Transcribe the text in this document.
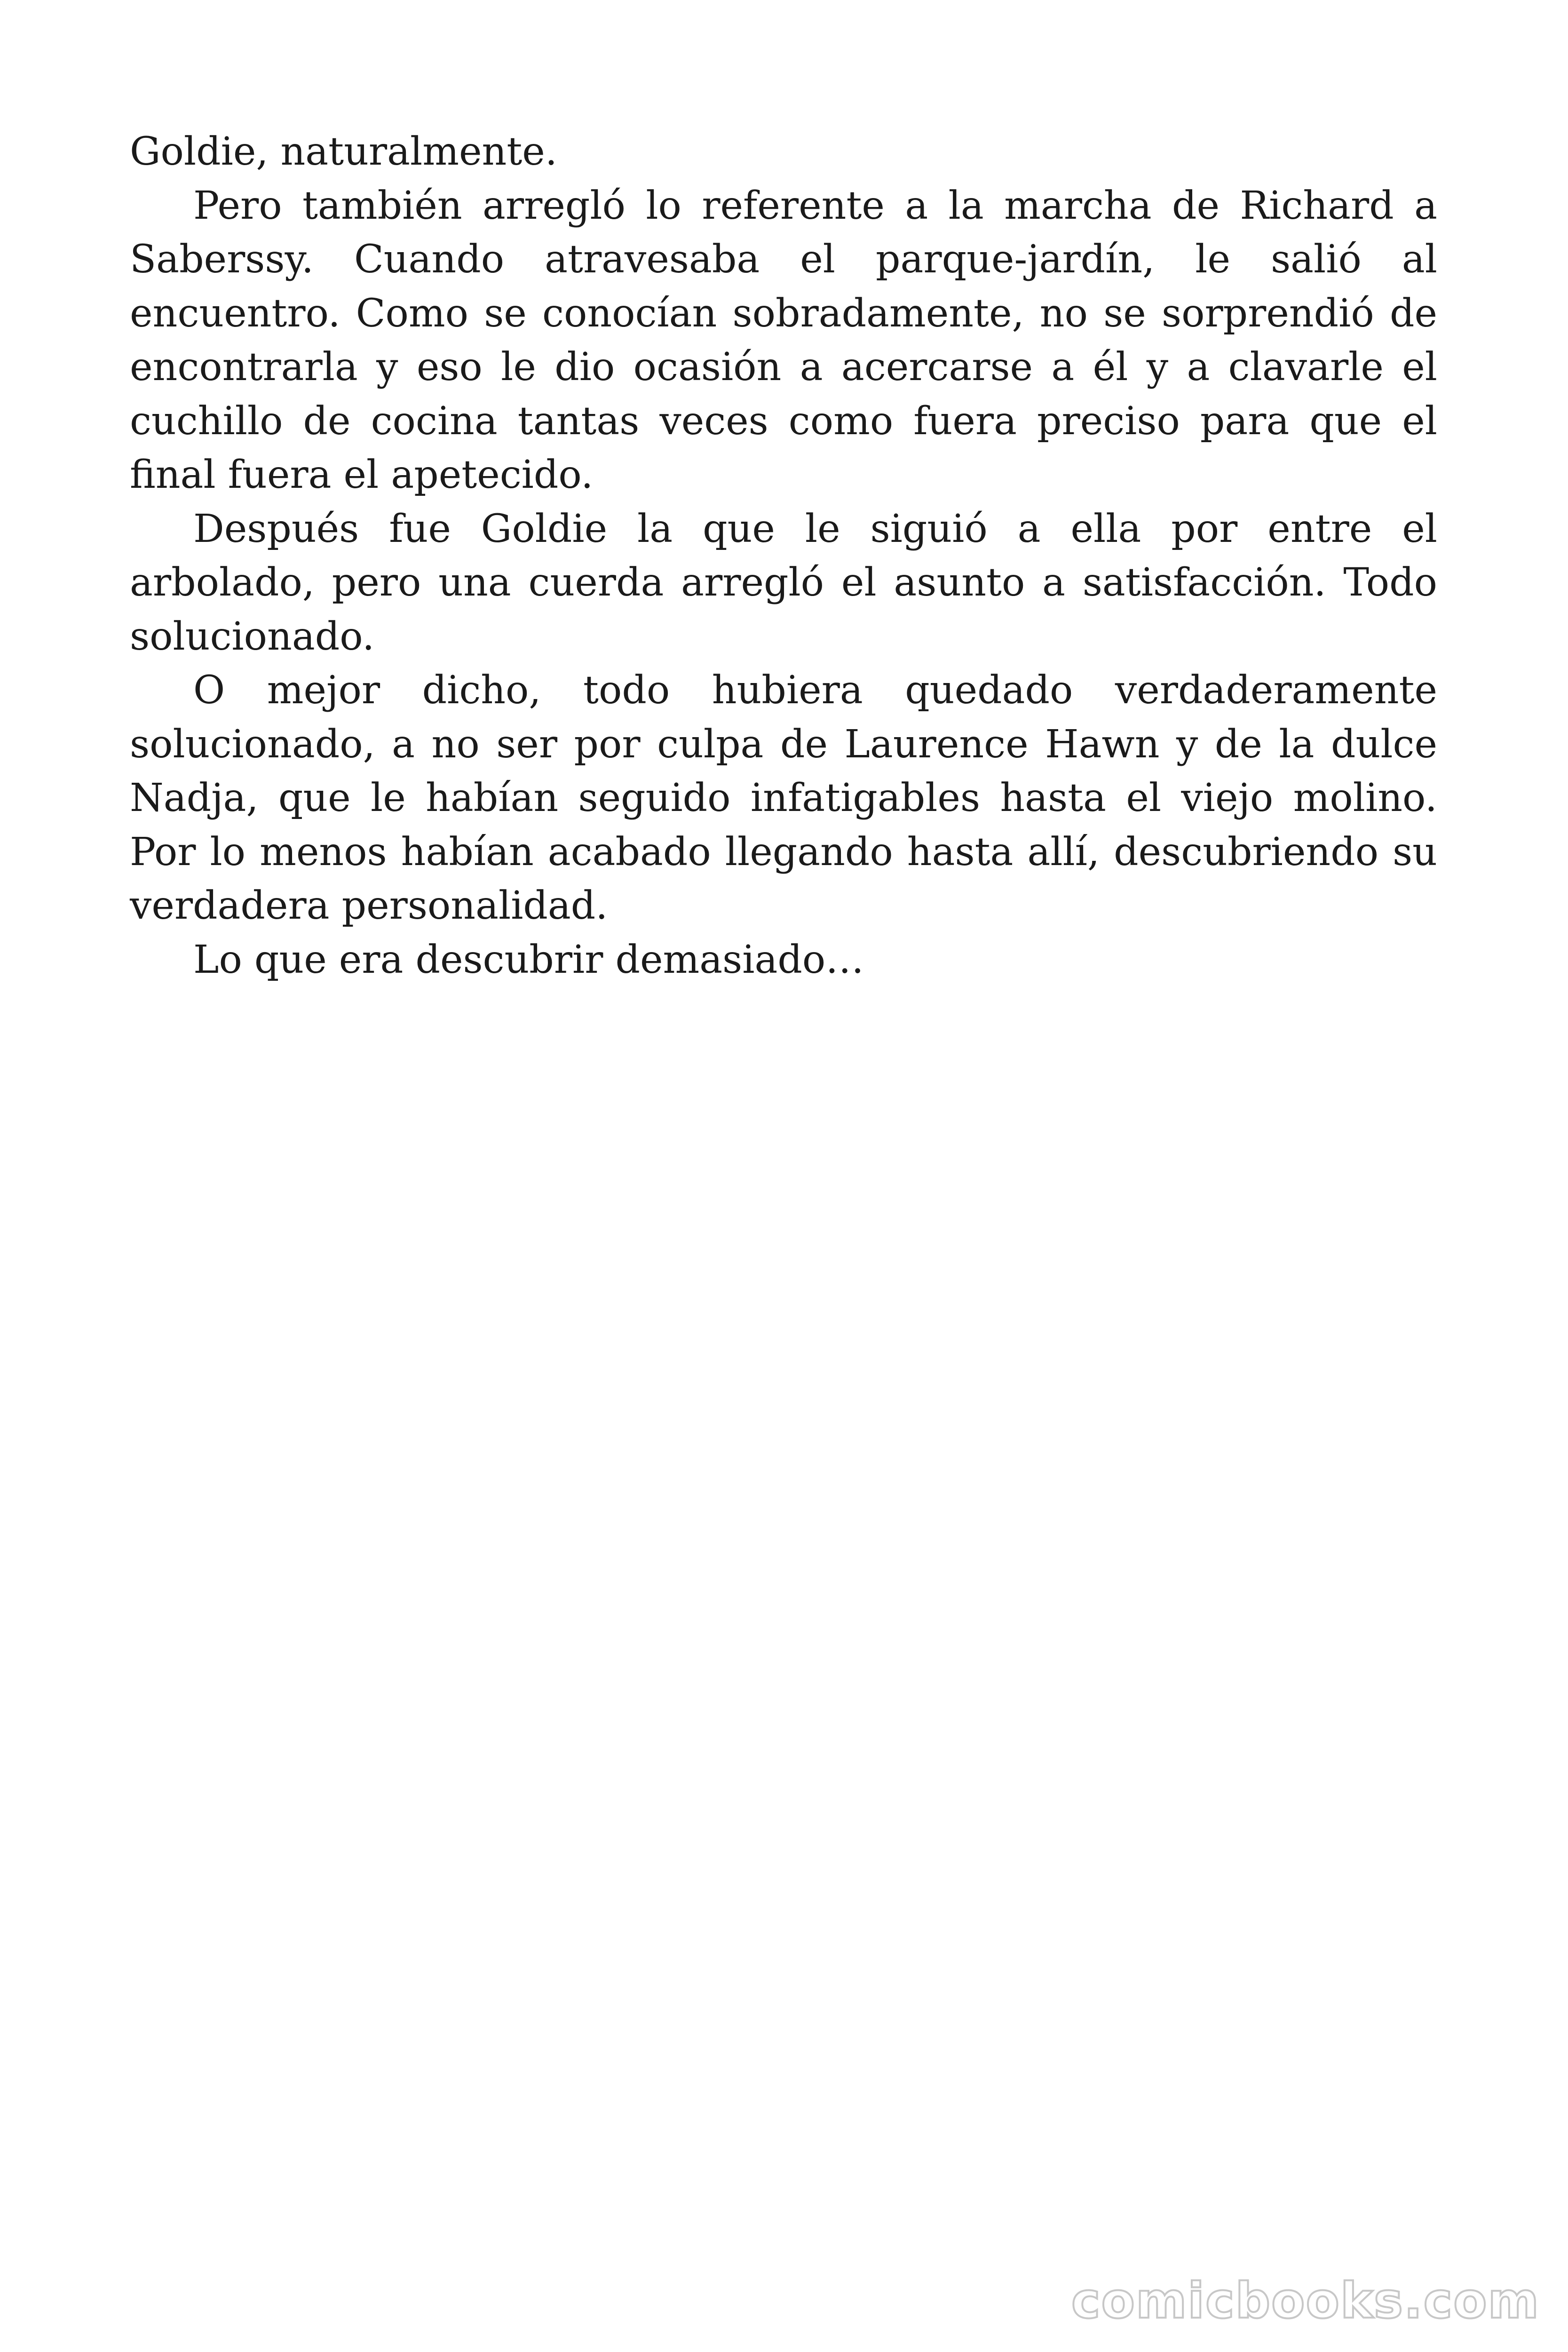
Goldie, naturalmente.

Pero también arregló lo referente a la marcha de Richard a Saberssy. Cuando atravesaba el parque-jardín, le salió al encuentro. Como se conocían sobradamente, no se sorprendió de encontrarla y eso le dio ocasión a acercarse a él y a clavarle el cuchillo de cocina tantas veces como fuera preciso para que el final fuera el apetecido.

Después fue Goldie la que le siguió a ella por entre el arbolado, pero una cuerda arregló el asunto a satisfacción. Todo solucionado.

O mejor dicho, todo hubiera quedado verdaderamente solucionado, a no ser por culpa de Laurence Hawn y de la dulce Nadja, que le habían seguido infatigables hasta el viejo molino. Por lo menos habían acabado llegando hasta allí, descubriendo su verdadera personalidad.

Lo que era descubrir demasiado…

comicbooks.com
